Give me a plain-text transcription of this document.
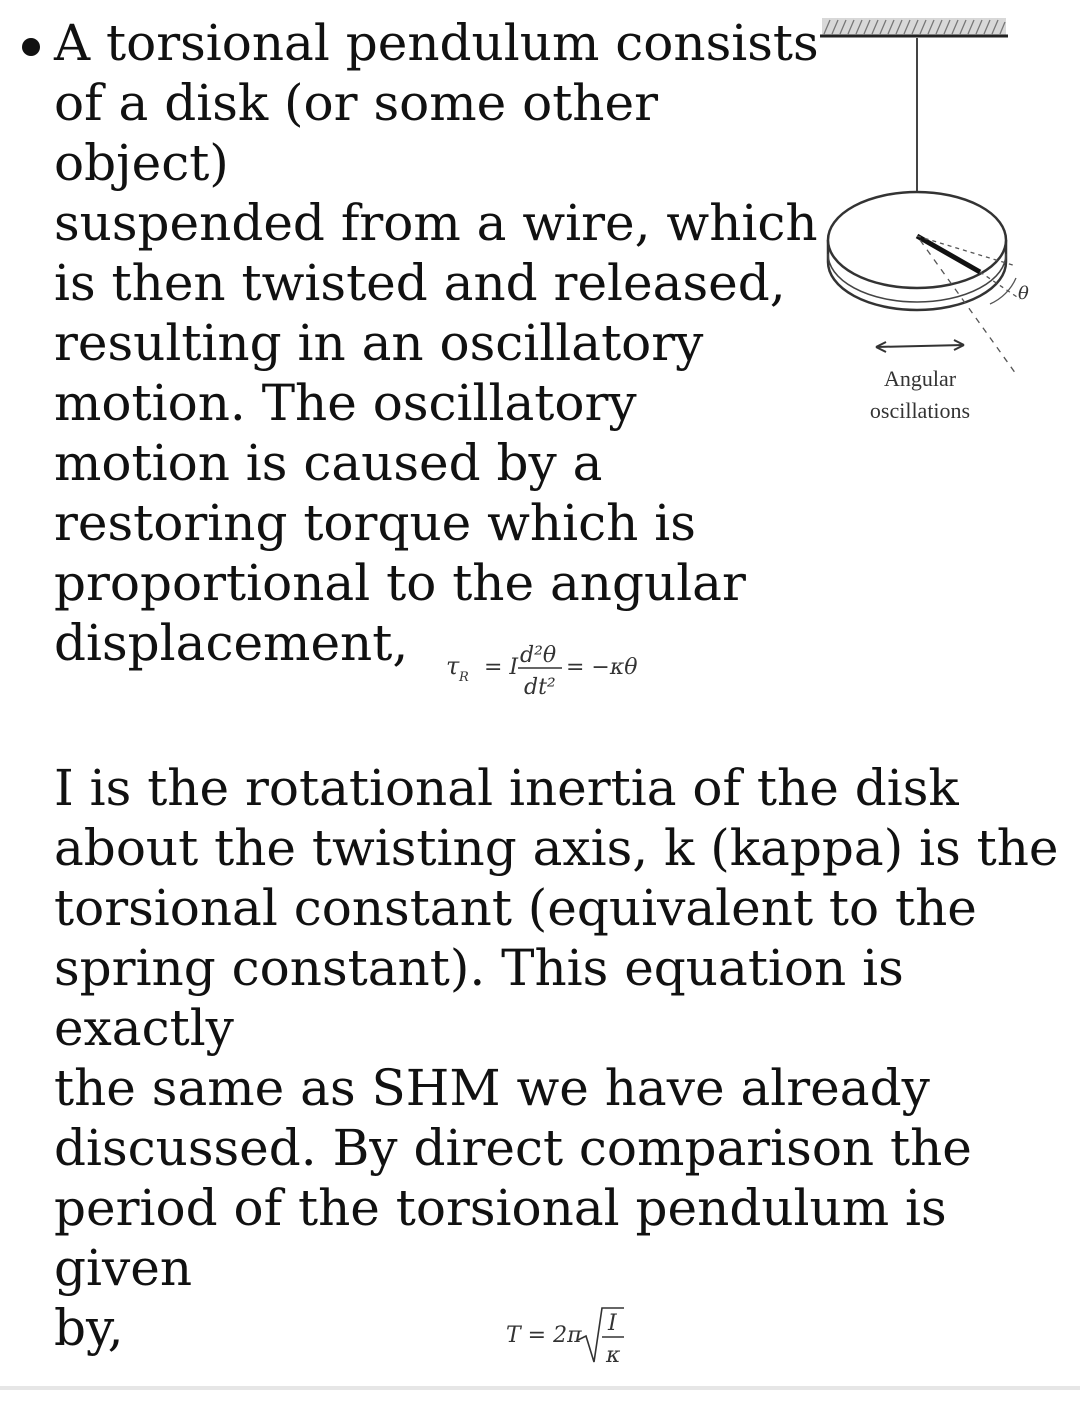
A torsional pendulum consists
of a disk (or some other object)
suspended from a wire, which
is then twisted and released,
resulting in an oscillatory
motion. The oscillatory
motion is caused by a
restoring torque which is
proportional to the angular
displacement,

θ
Angular
oscillations
τ R = I d²θ
dt²
= −κθ

I is the rotational inertia of the disk
about the twisting axis, k (kappa) is the
torsional constant (equivalent to the
spring constant). This equation is exactly
the same as SHM we have already
discussed. By direct comparison the
period of the torsional pendulum is given
by,	T = 2π I
κ
